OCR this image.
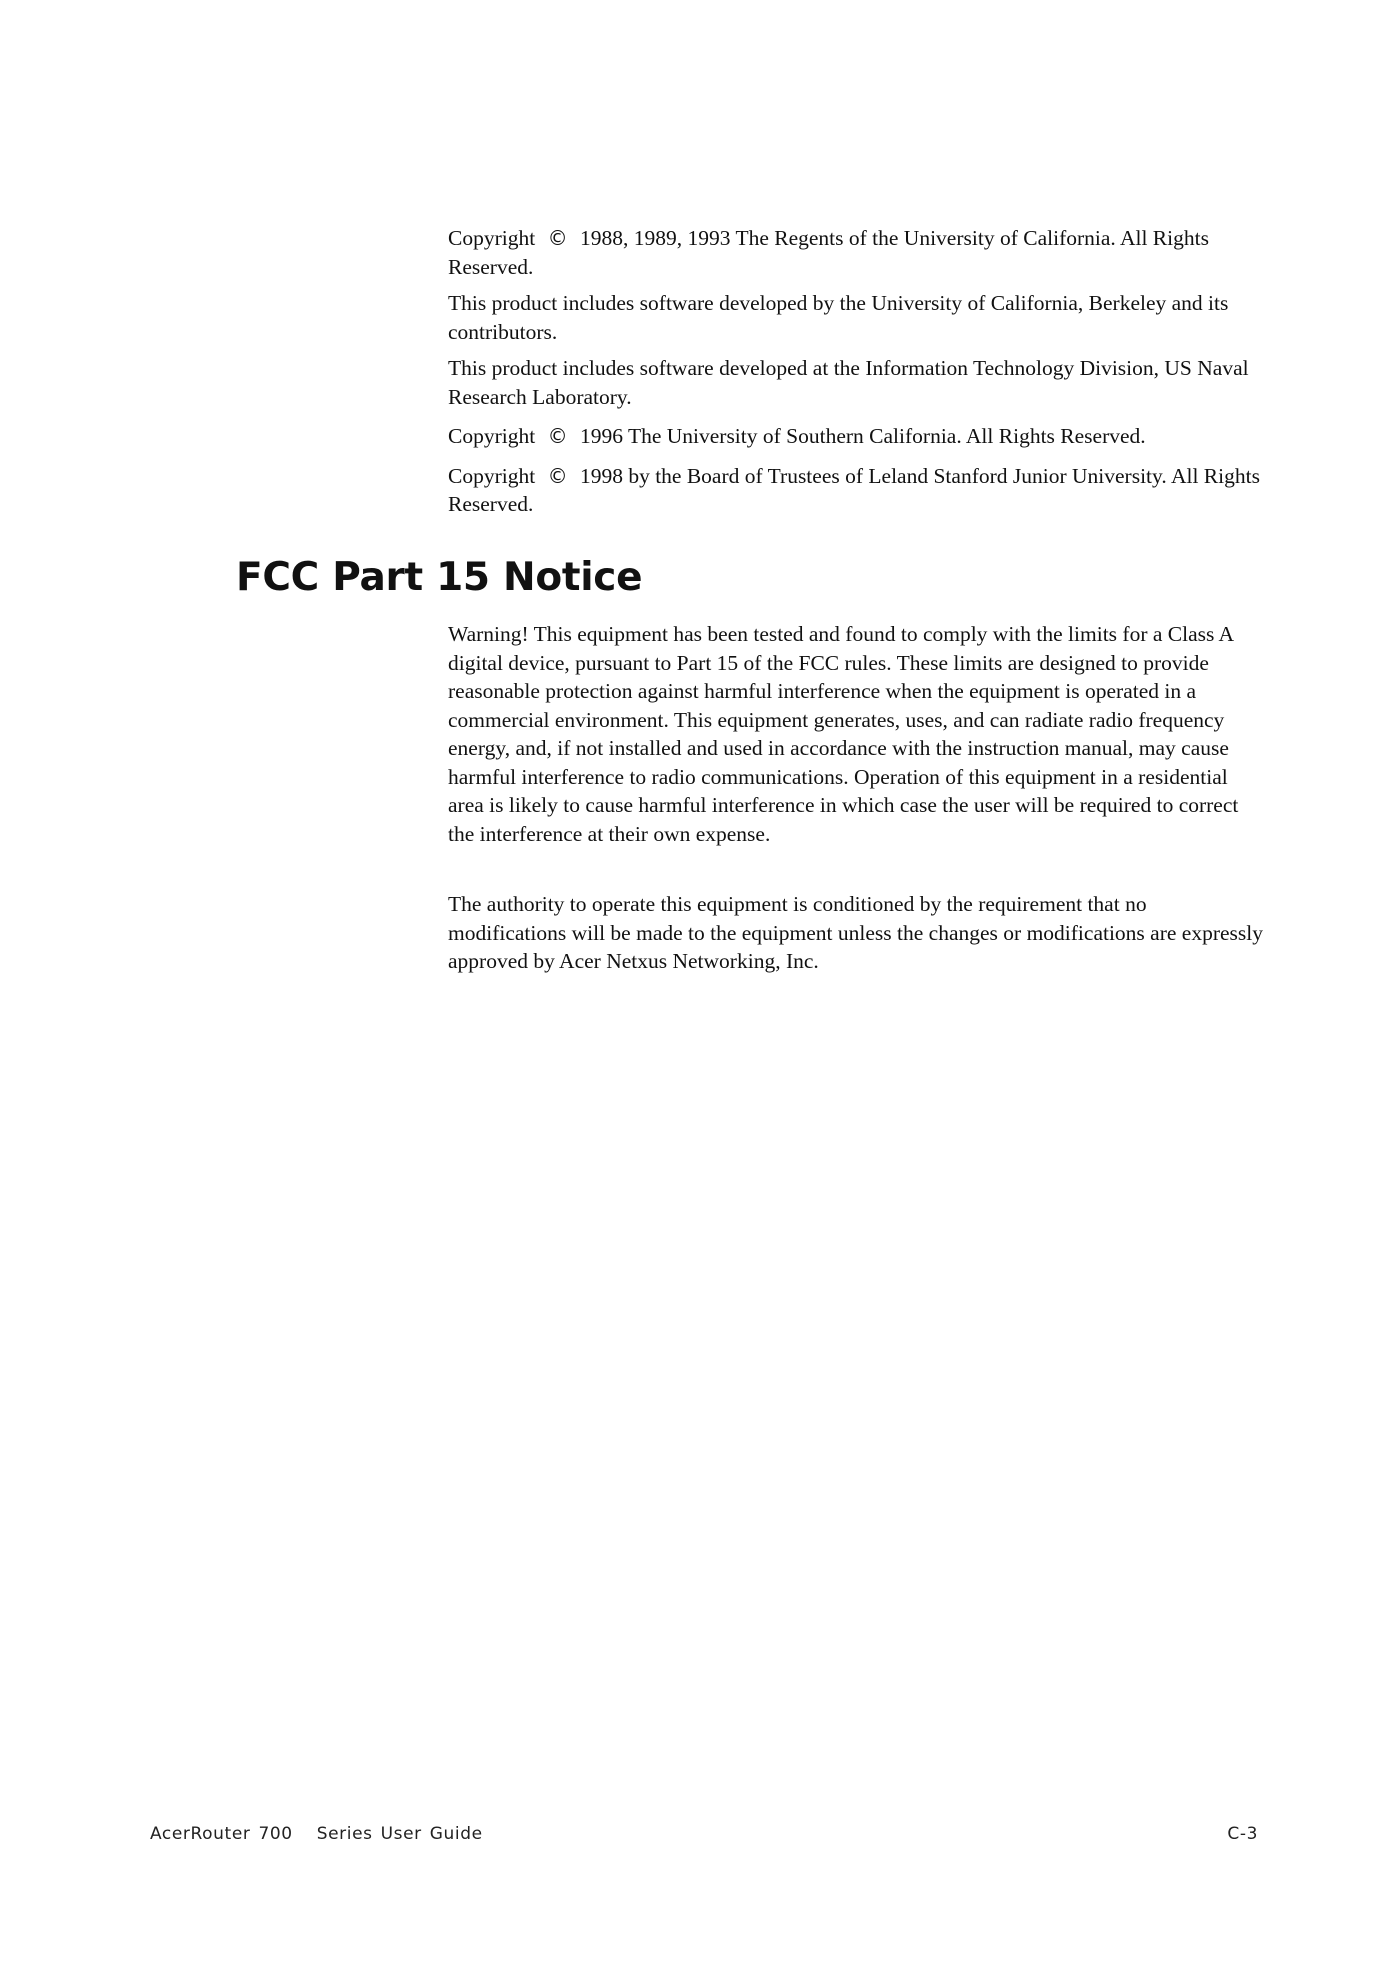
Copyright © 1988, 1989, 1993 The Regents of the University of California. All Rights Reserved.

This product includes software developed by the University of California, Berkeley and its contributors.

This product includes software developed at the Information Technology Division, US Naval Research Laboratory.

Copyright © 1996 The University of Southern California. All Rights Reserved.

Copyright © 1998 by the Board of Trustees of Leland Stanford Junior University. All Rights Reserved.

FCC Part 15 Notice

Warning! This equipment has been tested and found to comply with the limits for a Class A digital device, pursuant to Part 15 of the FCC rules. These limits are designed to provide reasonable protection against harmful interference when the equipment is operated in a commercial environment. This equipment generates, uses, and can radiate radio frequency energy, and, if not installed and used in accordance with the instruction manual, may cause harmful interference to radio communications. Operation of this equipment in a residential area is likely to cause harmful interference in which case the user will be required to correct the interference at their own expense.

The authority to operate this equipment is conditioned by the requirement that no modifications will be made to the equipment unless the changes or modifications are expressly approved by Acer Netxus Networking, Inc.

AcerRouter 700   Series User Guide	C-3
